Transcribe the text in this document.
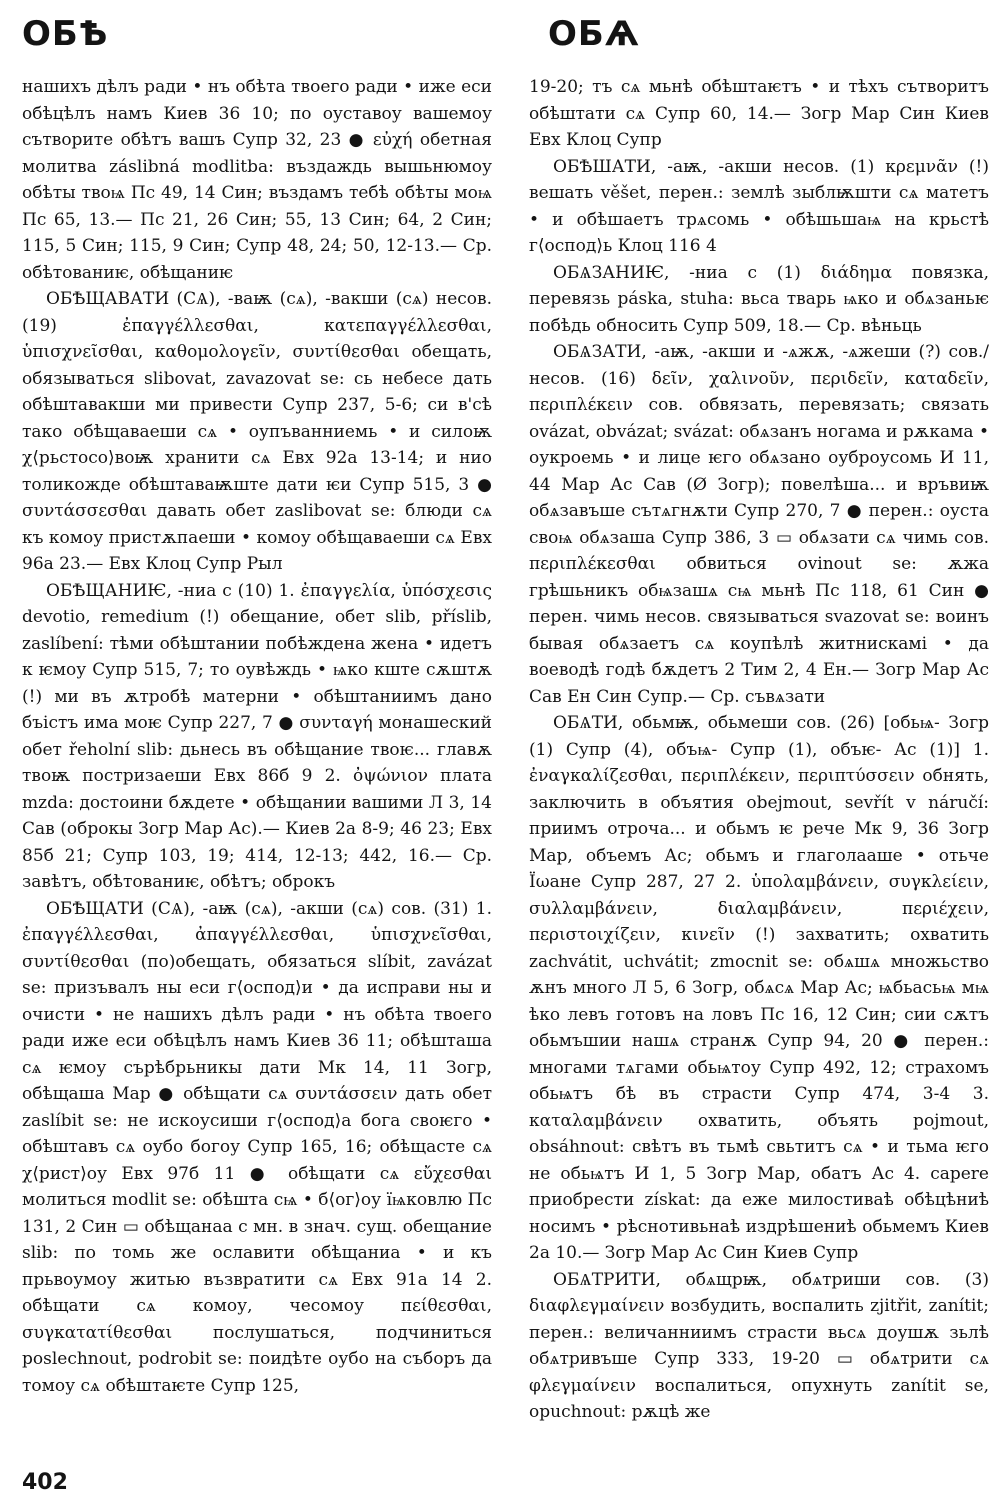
ОБѢ	ОБѦ

нашихъ дѣлъ ради • нъ обѣта твоего ради • иже еси обѣцѣлъ намъ Киев 36 10; по оуставоу вашемоу сътворите обѣтъ вашъ Супр 32, 23 ● εὐχή обетная молитва záslibná modlitba: въздаждь вышьнюмоу обѣты твоѩ Пс 49, 14 Син; въздамъ тебѣ обѣты моѩ Пс 65, 13.— Пс 21, 26 Син; 55, 13 Син; 64, 2 Син; 115, 5 Син; 115, 9 Син; Супр 48, 24; 50, 12-13.— Ср. обѣтованиѥ, обѣщаниѥ

ОБѢЩАВАТИ (СѦ), -ваѭ (сѧ), -вакши (сѧ) несов. (19) ἐπαγγέλλεσθαι, κατεπαγγέλλεσθαι, ὑπισχνεῖσθαι, καθομολογεῖν, συντίθεσθαι обещать, обязываться slibovat, zavazovat se: сь небесе дать обѣштавакши ми привести Супр 237, 5-6; си в'сѣ тако обѣщаваеши сѧ • оупъванниемь • и силоѭ χ⟨рьстосо⟩воѭ хранити сѧ Евх 92а 13-14; и нио толикожде обѣштаваѭште дати ѥи Супр 515, 3 ● συντάσσεσθαι давать обет zaslibovat se: блюди сѧ къ комоу пристѫпаеши • комоу обѣщаваеши сѧ Евх 96а 23.— Евх Клоц Супр Рыл

ОБѢЩАНИѤ, -ниа с (10) 1. ἐπαγγελία, ὑπόσχεσις devotio, remedium (!) обещание, обет slib, příslib, zaslíbení: тѣми обѣштании побѣждена жена • идетъ к ѥмоу Супр 515, 7; то оувѣждь • ѩко кште сѫштѫ (!) ми въ ѫтробѣ матерни • обѣштаниимъ дано бъістъ има моѥ Супр 227, 7 ● συνταγή монашеский обет řeholní slib: дьнесь въ обѣщание твоѥ... главѫ твоѭ постризаеши Евх 86б 9 2. ὀψώνιον плата mzda: достоини бѫдете • обѣщании вашими Л 3, 14 Сав (оброкы Зогр Мар Ас).— Киев 2а 8-9; 46 23; Евх 85б 21; Супр 103, 19; 414, 12-13; 442, 16.— Ср. завѣтъ, обѣтованиѥ, обѣтъ; оброкъ

ОБѢЩАТИ (СѦ), -аѭ (сѧ), -акши (сѧ) сов. (31) 1. ἐπαγγέλλεσθαι, ἀπαγγέλλεσθαι, ὑπισχνεῖσθαι, συντίθεσθαι (по)обещать, обязаться slíbit, zavázat se: призъвалъ ны еси г⟨оспод⟩и • да исправи ны и очисти • не нашихъ дѣлъ ради • нъ обѣта твоего ради иже еси обѣцѣлъ намъ Киев 36 11; обѣшташа сѧ ѥмоу сърѣбрьникы дати Мк 14, 11 Зогр, обѣщаша Мар ● обѣщати сѧ συντάσσειν дать обет zaslíbit se: не искоусиши г⟨оспод⟩а бога своѥго • обѣштавъ сѧ оубо богоу Супр 165, 16; обѣщасте сѧ χ⟨рист⟩оу Евх 97б 11 ● обѣщати сѧ εὔχεσθαι молиться modlit se: обѣшта сѩ • б⟨ог⟩оу їѩковлю Пс 131, 2 Син ▭ обѣщанаа с мн. в знач. сущ. обещание slib: по томь же ославити обѣщаниа • и къ прьвоумоу житью възвратити сѧ Евх 91а 14 2. обѣщати сѧ комоу, чесомоу πείθεσθαι, συγκατατίθεσθαι послушаться, подчиниться poslechnout, podrobit se: поидѣте оубо на съборъ да томоу сѧ обѣштаѥте Супр 125,

19-20; тъ сѧ мьнѣ обѣштаѥтъ • и тѣхъ сътворитъ обѣштати сѧ Супр 60, 14.— Зогр Мар Син Киев Евх Клоц Супр

ОБѢШАТИ, -аѭ, -акши несов. (1) κρεμνᾶν (!) вешать věšet, перен.: землѣ зыблѭшти сѧ матетъ • и обѣшаетъ трѧсомь • обѣшьшаѩ на крьстѣ г⟨оспод⟩ь Клоц 116 4

ОБѦЗАНИѤ, -ниа с (1) διάδημα повязка, перевязь páska, stuha: вьса тварь ѩко и обѧзаньѥ побѣдь обносить Супр 509, 18.— Ср. вѣньць

ОБѦЗАТИ, -аѭ, -акши и -ѧжѫ, -ѧжеши (?) сов./несов. (16) δεῖν, χαλινοῦν, περιδεῖν, καταδεῖν, περιπλέκειν сов. обвязать, перевязать; связать ovázat, obvázat; svázat: обѧзанъ ногама и рѫкама • оукроемь • и лице ѥго обѧзано оуброусомь И 11, 44 Мар Ас Сав (Ø Зогр); повелѣша... и връвиѭ обѧзавъше сътѧгнѫти Супр 270, 7 ● перен.: оуста своѩ обѧзаша Супр 386, 3 ▭ обѧзати сѧ чимь сов. περιπλέκεσθαι обвиться ovinout se: ѫжа грѣшьникъ обѩзашѧ сѩ мьнѣ Пс 118, 61 Син ● перен. чимь несов. связываться svazovat se: воинъ бывая обѧзаетъ сѧ коупѣлѣ житнискамі • да воеводѣ годѣ бѫдетъ 2 Тим 2, 4 Ен.— Зогр Мар Ас Сав Ен Син Супр.— Ср. съвѧзати

ОБѦТИ, обьмѭ, обьмеши сов. (26) [обьѩ- Зогр (1) Супр (4), объѩ- Супр (1), объѥ- Ас (1)] 1. ἐναγκαλίζεσθαι, περιπλέκειν, περιπτύσσειν обнять, заключить в объятия obejmout, sevřít v náručí: приимъ отроча... и обьмъ ѥ рече Мк 9, 36 Зогр Мар, объемъ Ас; обьмъ и глаголааше • отьче Їωане Супр 287, 27 2. ὑπολαμβάνειν, συγκλείειν, συλλαμβάνειν, διαλαμβάνειν, περιέχειν, περιστοιχίζειν, κινεῖν (!) захватить; охватить zachvátit, uchvátit; zmocnit se: обѧшѧ множьство ѫнъ много Л 5, 6 Зогр, обѧсѧ Мар Ас; ѩбьасьѩ мѩ ѣко левъ готовъ на ловъ Пс 16, 12 Син; сии сѫтъ обьмъшии нашѧ странѫ Супр 94, 20 ● перен.: многами тѧгами обьѩтоу Супр 492, 12; страхомъ обьѩтъ бѣ въ страсти Супр 474, 3-4 3. καταλαμβάνειν охватить, объять pojmout, obsáhnout: свѣтъ въ тьмѣ свьтитъ сѧ • и тьма ѥго не обьѩтъ И 1, 5 Зогр Мар, обатъ Ас 4. capere приобрести získat: да еже милостиваѣ обѣцѣниѣ носимъ • рѣснотивьнаѣ издрѣшениѣ обьмемъ Киев 2а 10.— Зогр Мар Ас Син Киев Супр

ОБѦТРИТИ, обѧщрѭ, обѧтриши сов. (3) διαφλεγμαίνειν возбудить, воспалить zjitřit, zanítit; перен.: величанниимъ страсти вьсѧ доушѫ зьлѣ обѧтривъше Супр 333, 19-20 ▭ обѧтрити сѧ φλεγμαίνειν воспалиться, опухнуть zanítit se, opuchnout: рѫцѣ же

402
